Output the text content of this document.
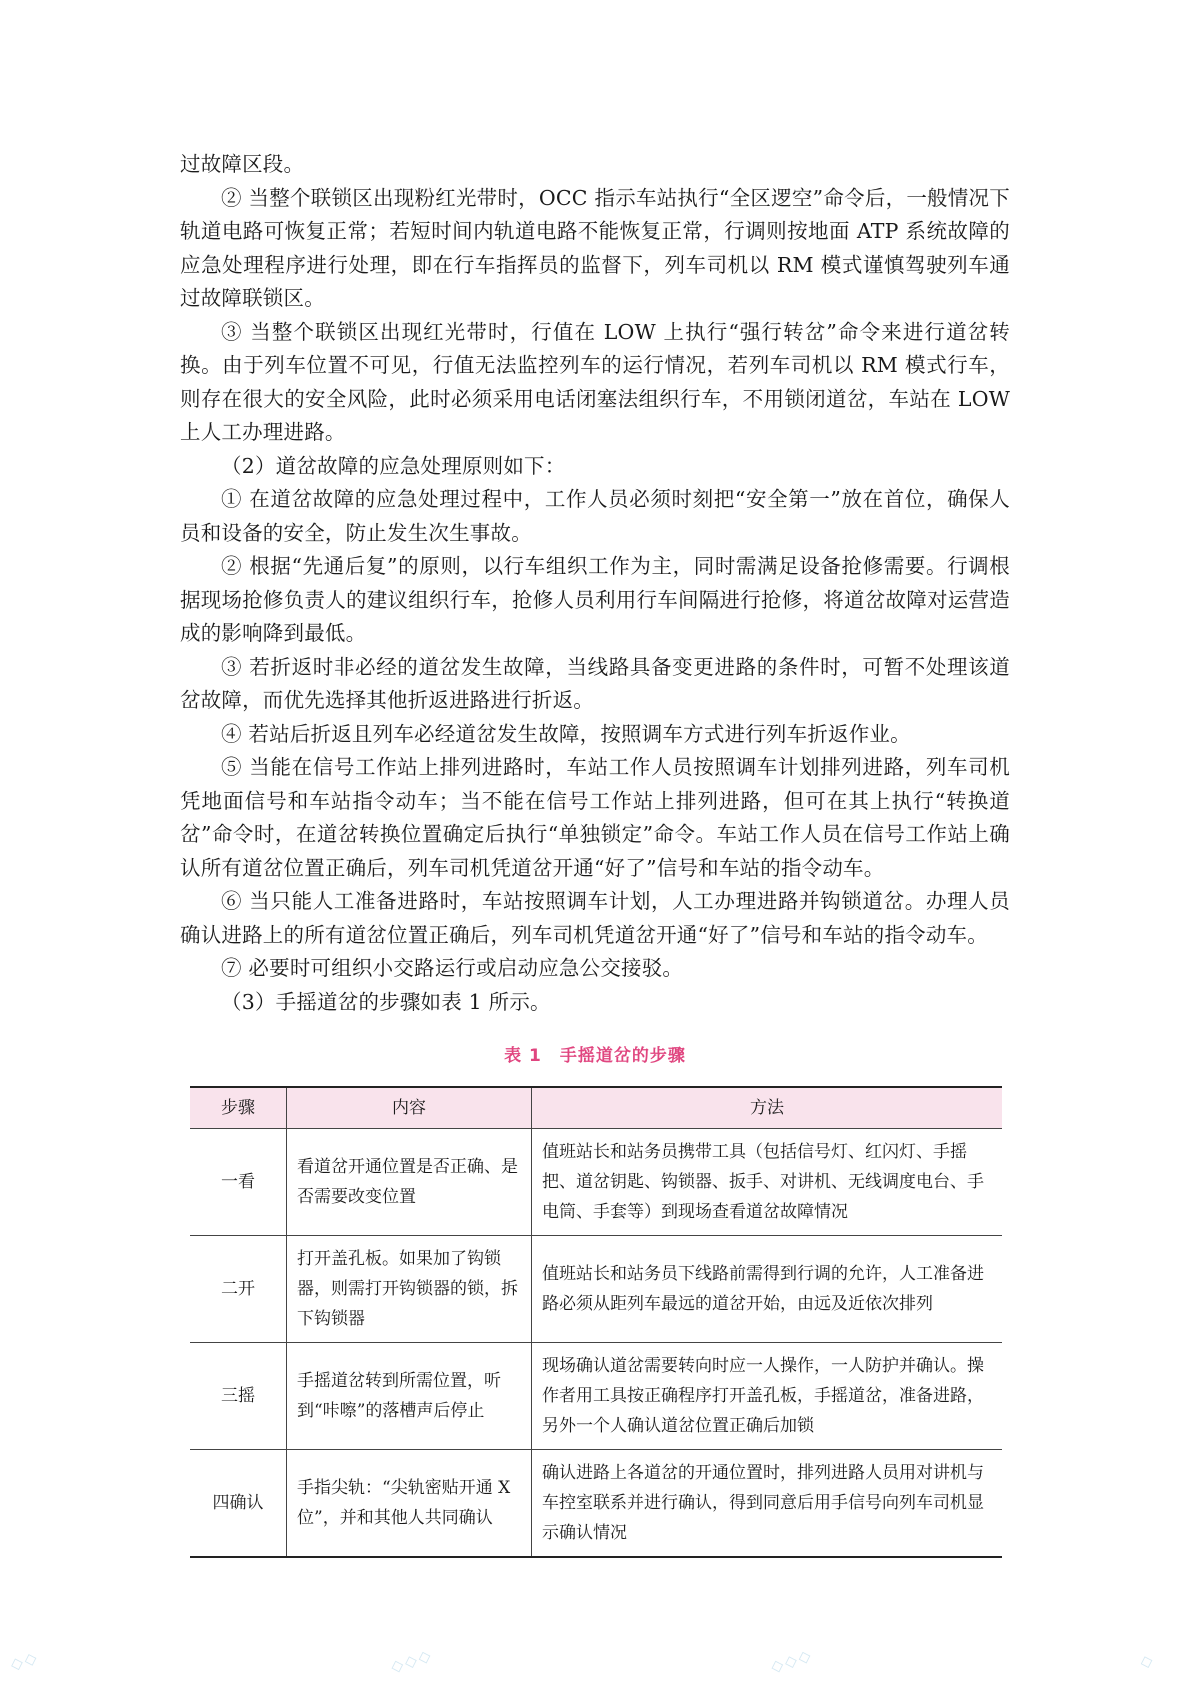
过故障区段。

② 当整个联锁区出现粉红光带时，OCC 指示车站执行“全区逻空”命令后，一般情况下轨道电路可恢复正常；若短时间内轨道电路不能恢复正常，行调则按地面 ATP 系统故障的应急处理程序进行处理，即在行车指挥员的监督下，列车司机以 RM 模式谨慎驾驶列车通过故障联锁区。

③ 当整个联锁区出现红光带时，行值在 LOW 上执行“强行转岔”命令来进行道岔转换。由于列车位置不可见，行值无法监控列车的运行情况，若列车司机以 RM 模式行车，则存在很大的安全风险，此时必须采用电话闭塞法组织行车，不用锁闭道岔，车站在 LOW 上人工办理进路。

（2）道岔故障的应急处理原则如下：

① 在道岔故障的应急处理过程中，工作人员必须时刻把“安全第一”放在首位，确保人员和设备的安全，防止发生次生事故。

② 根据“先通后复”的原则，以行车组织工作为主，同时需满足设备抢修需要。行调根据现场抢修负责人的建议组织行车，抢修人员利用行车间隔进行抢修，将道岔故障对运营造成的影响降到最低。

③ 若折返时非必经的道岔发生故障，当线路具备变更进路的条件时，可暂不处理该道岔故障，而优先选择其他折返进路进行折返。

④ 若站后折返且列车必经道岔发生故障，按照调车方式进行列车折返作业。

⑤ 当能在信号工作站上排列进路时，车站工作人员按照调车计划排列进路，列车司机凭地面信号和车站指令动车；当不能在信号工作站上排列进路，但可在其上执行“转换道岔”命令时，在道岔转换位置确定后执行“单独锁定”命令。车站工作人员在信号工作站上确认所有道岔位置正确后，列车司机凭道岔开通“好了”信号和车站的指令动车。

⑥ 当只能人工准备进路时，车站按照调车计划，人工办理进路并钩锁道岔。办理人员确认进路上的所有道岔位置正确后，列车司机凭道岔开通“好了”信号和车站的指令动车。

⑦ 必要时可组织小交路运行或启动应急公交接驳。

（3）手摇道岔的步骤如表 1 所示。

表 1　手摇道岔的步骤
步骤	内容	方法
一看	看道岔开通位置是否正确、是否需要改变位置	值班站长和站务员携带工具（包括信号灯、红闪灯、手摇把、道岔钥匙、钩锁器、扳手、对讲机、无线调度电台、手电筒、手套等）到现场查看道岔故障情况
二开	打开盖孔板。如果加了钩锁器，则需打开钩锁器的锁，拆下钩锁器	值班站长和站务员下线路前需得到行调的允许，人工准备进路必须从距列车最远的道岔开始，由远及近依次排列
三摇	手摇道岔转到所需位置，听到“咔嚓”的落槽声后停止	现场确认道岔需要转向时应一人操作，一人防护并确认。操作者用工具按正确程序打开盖孔板，手摇道岔，准备进路，另外一个人确认道岔位置正确后加锁
四确认	手指尖轨：“尖轨密贴开通 X 位”，并和其他人共同确认	确认进路上各道岔的开通位置时，排列进路人员用对讲机与车控室联系并进行确认，得到同意后用手信号向列车司机显示确认情况
◇◇	◇◇◇	◇◇◇	◇
